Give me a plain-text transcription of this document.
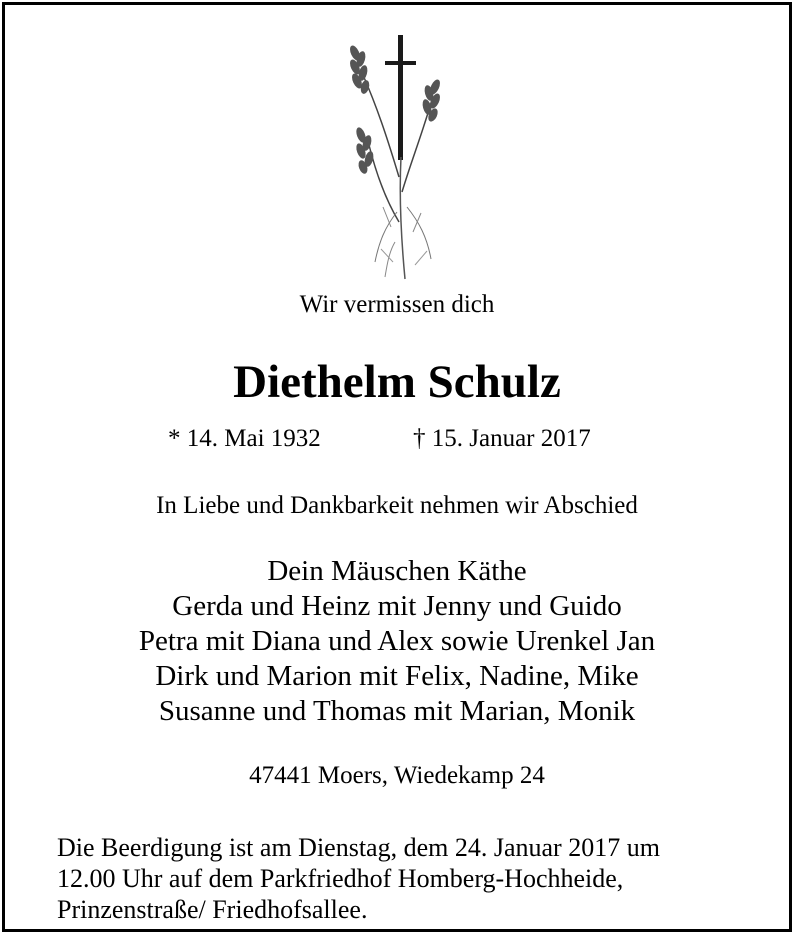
Wir vermissen dich
Diethelm Schulz
* 14. Mai 1932	† 15. Januar 2017
In Liebe und Dankbarkeit nehmen wir Abschied
Dein Mäuschen Käthe
Gerda und Heinz mit Jenny und Guido
Petra mit Diana und Alex sowie Urenkel Jan
Dirk und Marion mit Felix, Nadine, Mike
Susanne und Thomas mit Marian, Monik
47441 Moers, Wiedekamp 24
Die Beerdigung ist am Dienstag, dem 24. Januar 2017 um
12.00 Uhr auf dem Parkfriedhof Homberg-Hochheide,
Prinzenstraße/ Friedhofsallee.
